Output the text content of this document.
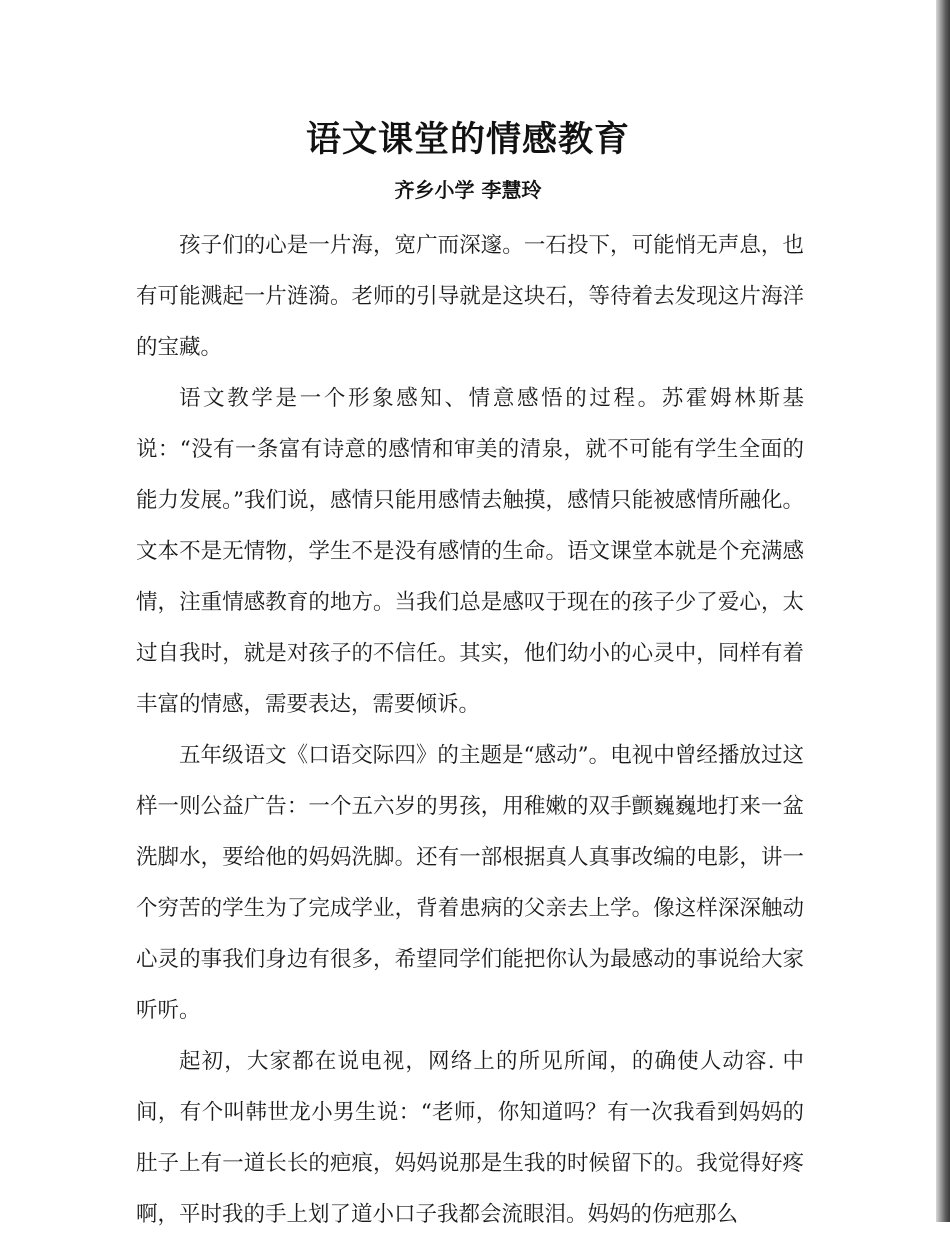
语文课堂的情感教育
齐乡小学 李慧玲

孩子们的心是一片海，宽广而深邃。一石投下，可能悄无声息，也有可能溅起一片涟漪。老师的引导就是这块石，等待着去发现这片海洋的宝藏。

语文教学是一个形象感知、情意感悟的过程。苏霍姆林斯基说：“没有一条富有诗意的感情和审美的清泉，就不可能有学生全面的能力发展。”我们说，感情只能用感情去触摸，感情只能被感情所融化。文本不是无情物，学生不是没有感情的生命。语文课堂本就是个充满感情，注重情感教育的地方。当我们总是感叹于现在的孩子少了爱心，太过自我时，就是对孩子的不信任。其实，他们幼小的心灵中，同样有着丰富的情感，需要表达，需要倾诉。

五年级语文《口语交际四》的主题是“感动”。电视中曾经播放过这样一则公益广告：一个五六岁的男孩，用稚嫩的双手颤巍巍地打来一盆洗脚水，要给他的妈妈洗脚。还有一部根据真人真事改编的电影，讲一个穷苦的学生为了完成学业，背着患病的父亲去上学。像这样深深触动心灵的事我们身边有很多，希望同学们能把你认为最感动的事说给大家听听。

起初，大家都在说电视，网络上的所见所闻，的确使人动容. 中间，有个叫韩世龙小男生说：“老师，你知道吗？有一次我看到妈妈的肚子上有一道长长的疤痕，妈妈说那是生我的时候留下的。我觉得好疼啊，平时我的手上划了道小口子我都会流眼泪。妈妈的伤疤那么
